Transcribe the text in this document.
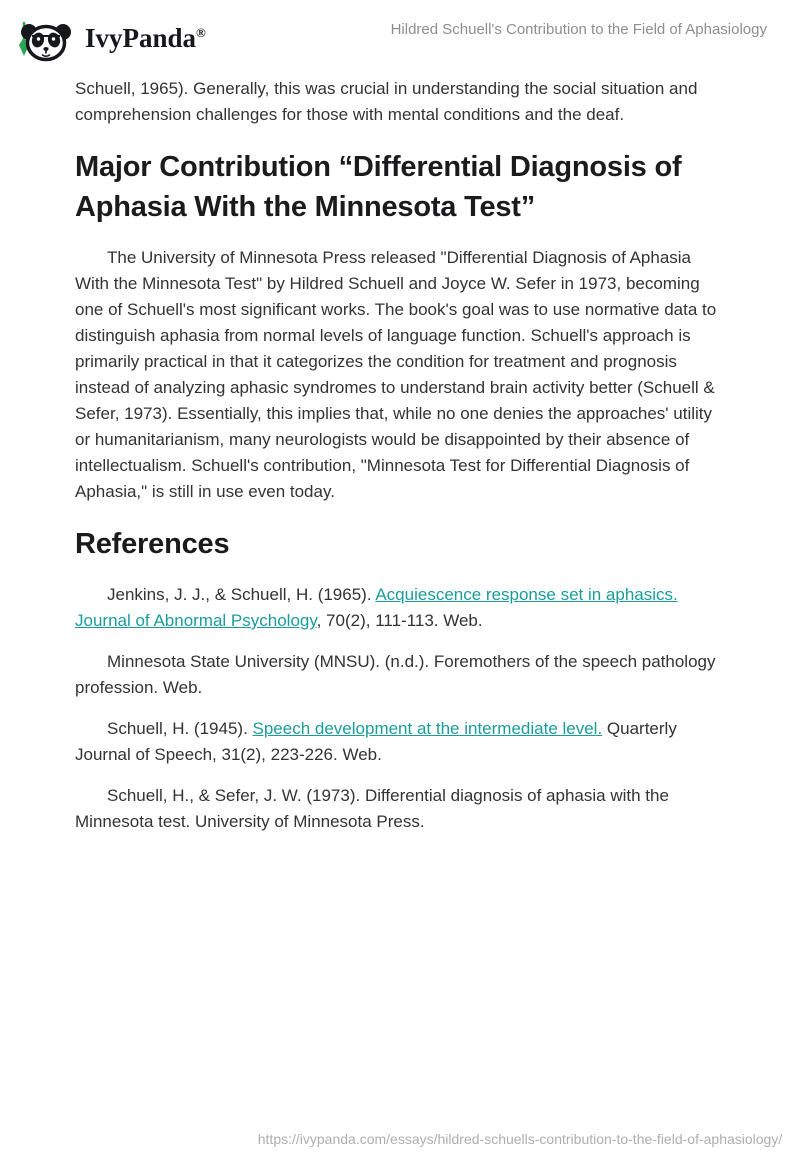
IvyPanda®	Hildred Schuell's Contribution to the Field of Aphasiology

Schuell, 1965). Generally, this was crucial in understanding the social situation and comprehension challenges for those with mental conditions and the deaf.

Major Contribution “Differential Diagnosis of Aphasia With the Minnesota Test”

The University of Minnesota Press released "Differential Diagnosis of Aphasia With the Minnesota Test" by Hildred Schuell and Joyce W. Sefer in 1973, becoming one of Schuell's most significant works. The book's goal was to use normative data to distinguish aphasia from normal levels of language function. Schuell's approach is primarily practical in that it categorizes the condition for treatment and prognosis instead of analyzing aphasic syndromes to understand brain activity better (Schuell & Sefer, 1973). Essentially, this implies that, while no one denies the approaches' utility or humanitarianism, many neurologists would be disappointed by their absence of intellectualism. Schuell's contribution, "Minnesota Test for Differential Diagnosis of Aphasia," is still in use even today.

References

Jenkins, J. J., & Schuell, H. (1965). Acquiescence response set in aphasics. Journal of Abnormal Psychology, 70(2), 111-113. Web.

Minnesota State University (MNSU). (n.d.). Foremothers of the speech pathology profession. Web.

Schuell, H. (1945). Speech development at the intermediate level. Quarterly Journal of Speech, 31(2), 223-226. Web.

Schuell, H., & Sefer, J. W. (1973). Differential diagnosis of aphasia with the Minnesota test. University of Minnesota Press.

https://ivypanda.com/essays/hildred-schuells-contribution-to-the-field-of-aphasiology/
